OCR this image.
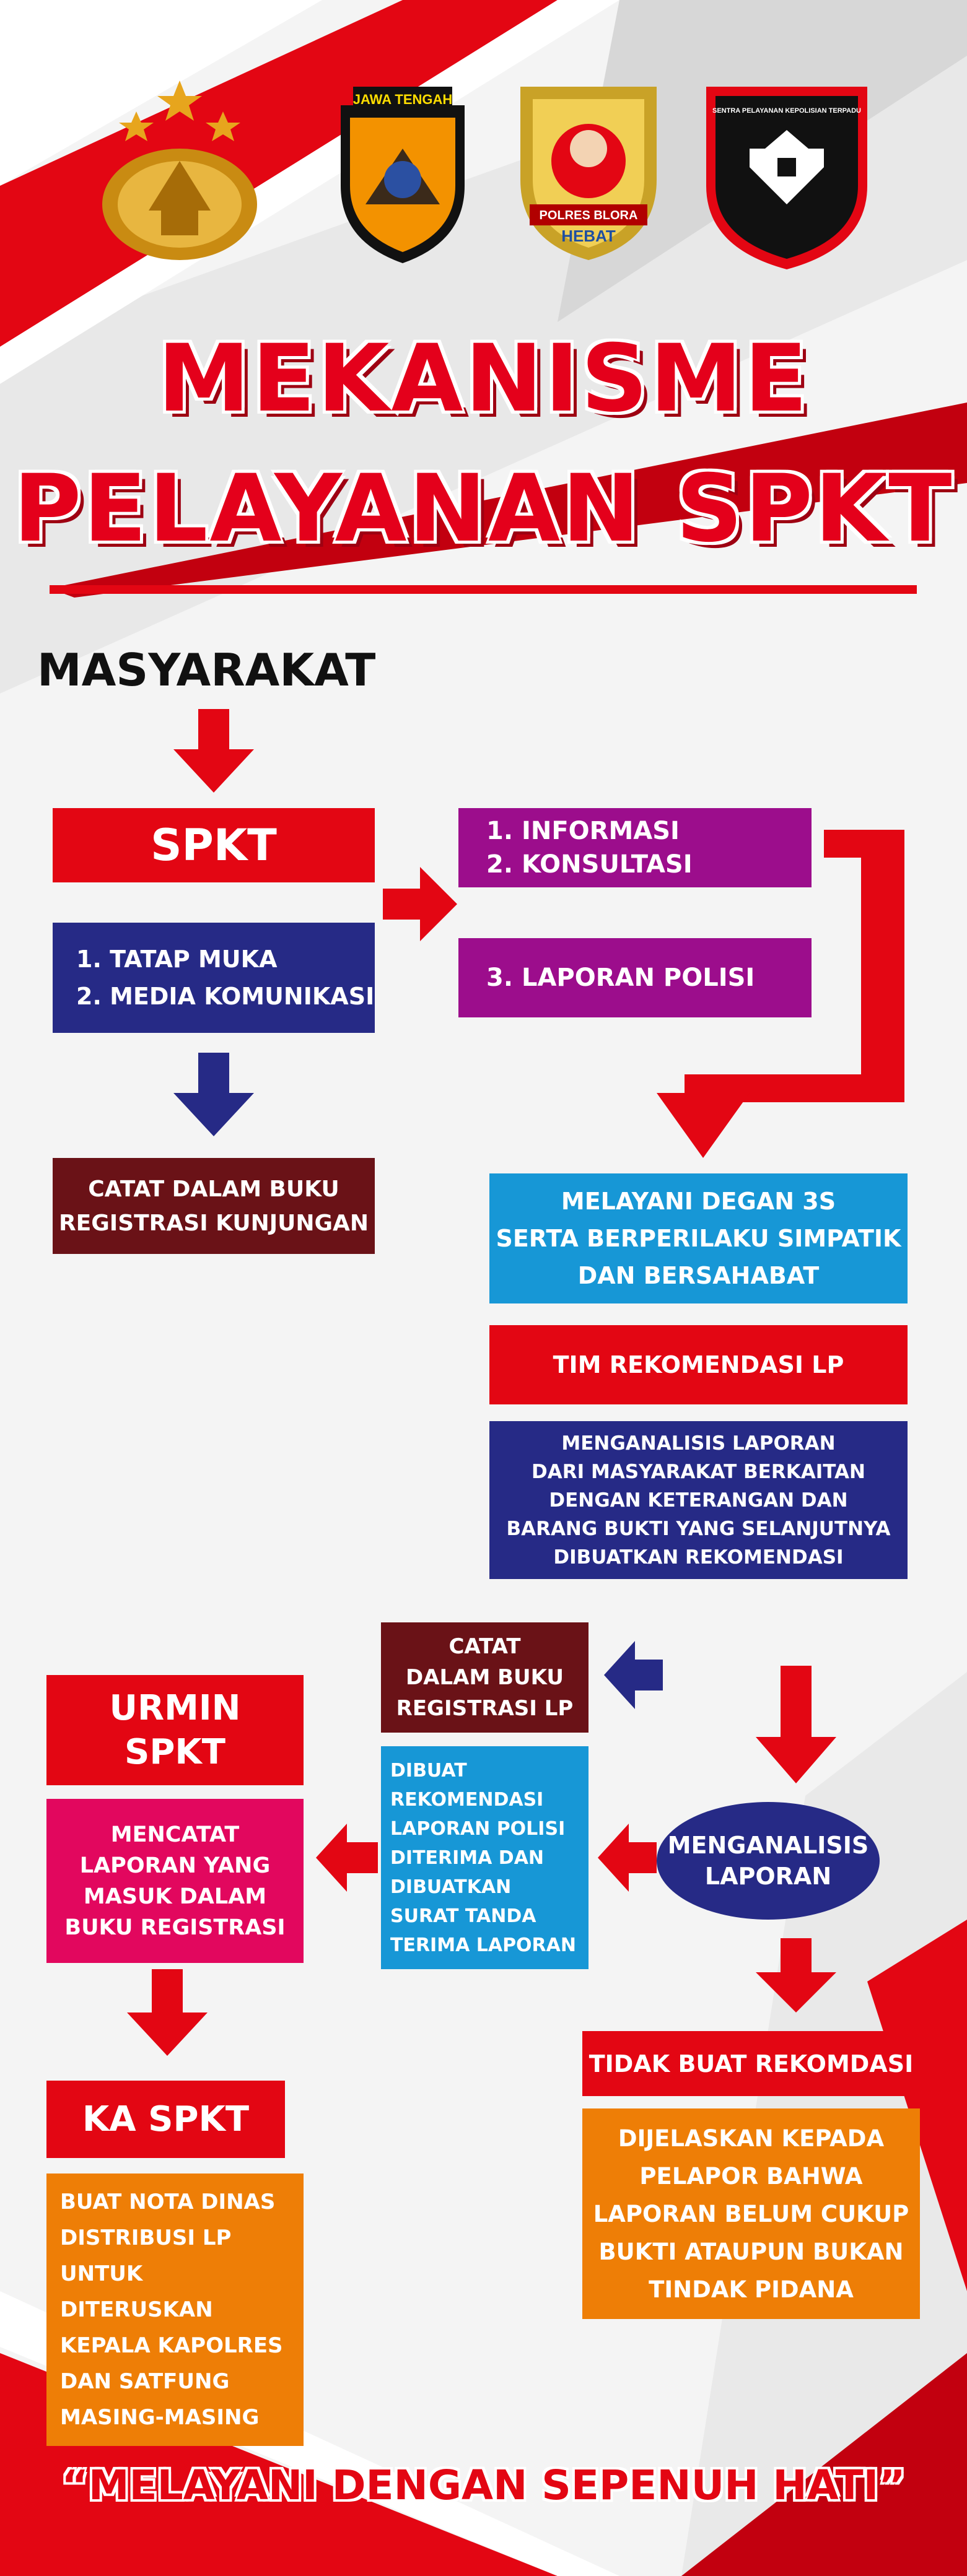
JAWA TENGAH
POLRES BLORA
HEBAT
SENTRA PELAYANAN KEPOLISIAN TERPADU
MEKANISME
PELAYANAN SPKT
MASYARAKAT
SPKT	1. INFORMASI
2. KONSULTASI
1. TATAP MUKA
2. MEDIA KOMUNIKASI
3. LAPORAN POLISI
CATAT DALAM BUKU
REGISTRASI KUNJUNGAN
MELAYANI DEGAN 3S
SERTA BERPERILAKU SIMPATIK
DAN BERSAHABAT
TIM REKOMENDASI LP
MENGANALISIS LAPORAN
DARI MASYARAKAT BERKAITAN
DENGAN KETERANGAN DAN
BARANG BUKTI YANG SELANJUTNYA
DIBUATKAN REKOMENDASI
CATAT
DALAM BUKU
REGISTRASI LP
URMIN
SPKT
MENCATAT
LAPORAN YANG
MASUK DALAM
BUKU REGISTRASI
DIBUAT
REKOMENDASI
LAPORAN POLISI
DITERIMA DAN
DIBUATKAN
SURAT TANDA
TERIMA LAPORAN
MENGANALISIS
LAPORAN
TIDAK BUAT REKOMDASI
DIJELASKAN KEPADA
PELAPOR BAHWA
LAPORAN BELUM CUKUP
BUKTI ATAUPUN BUKAN
TINDAK PIDANA
KA SPKT
BUAT NOTA DINAS
DISTRIBUSI LP
UNTUK
DITERUSKAN
KEPALA KAPOLRES
DAN SATFUNG
MASING-MASING
“MELAYANI DENGAN SEPENUH HATI”
